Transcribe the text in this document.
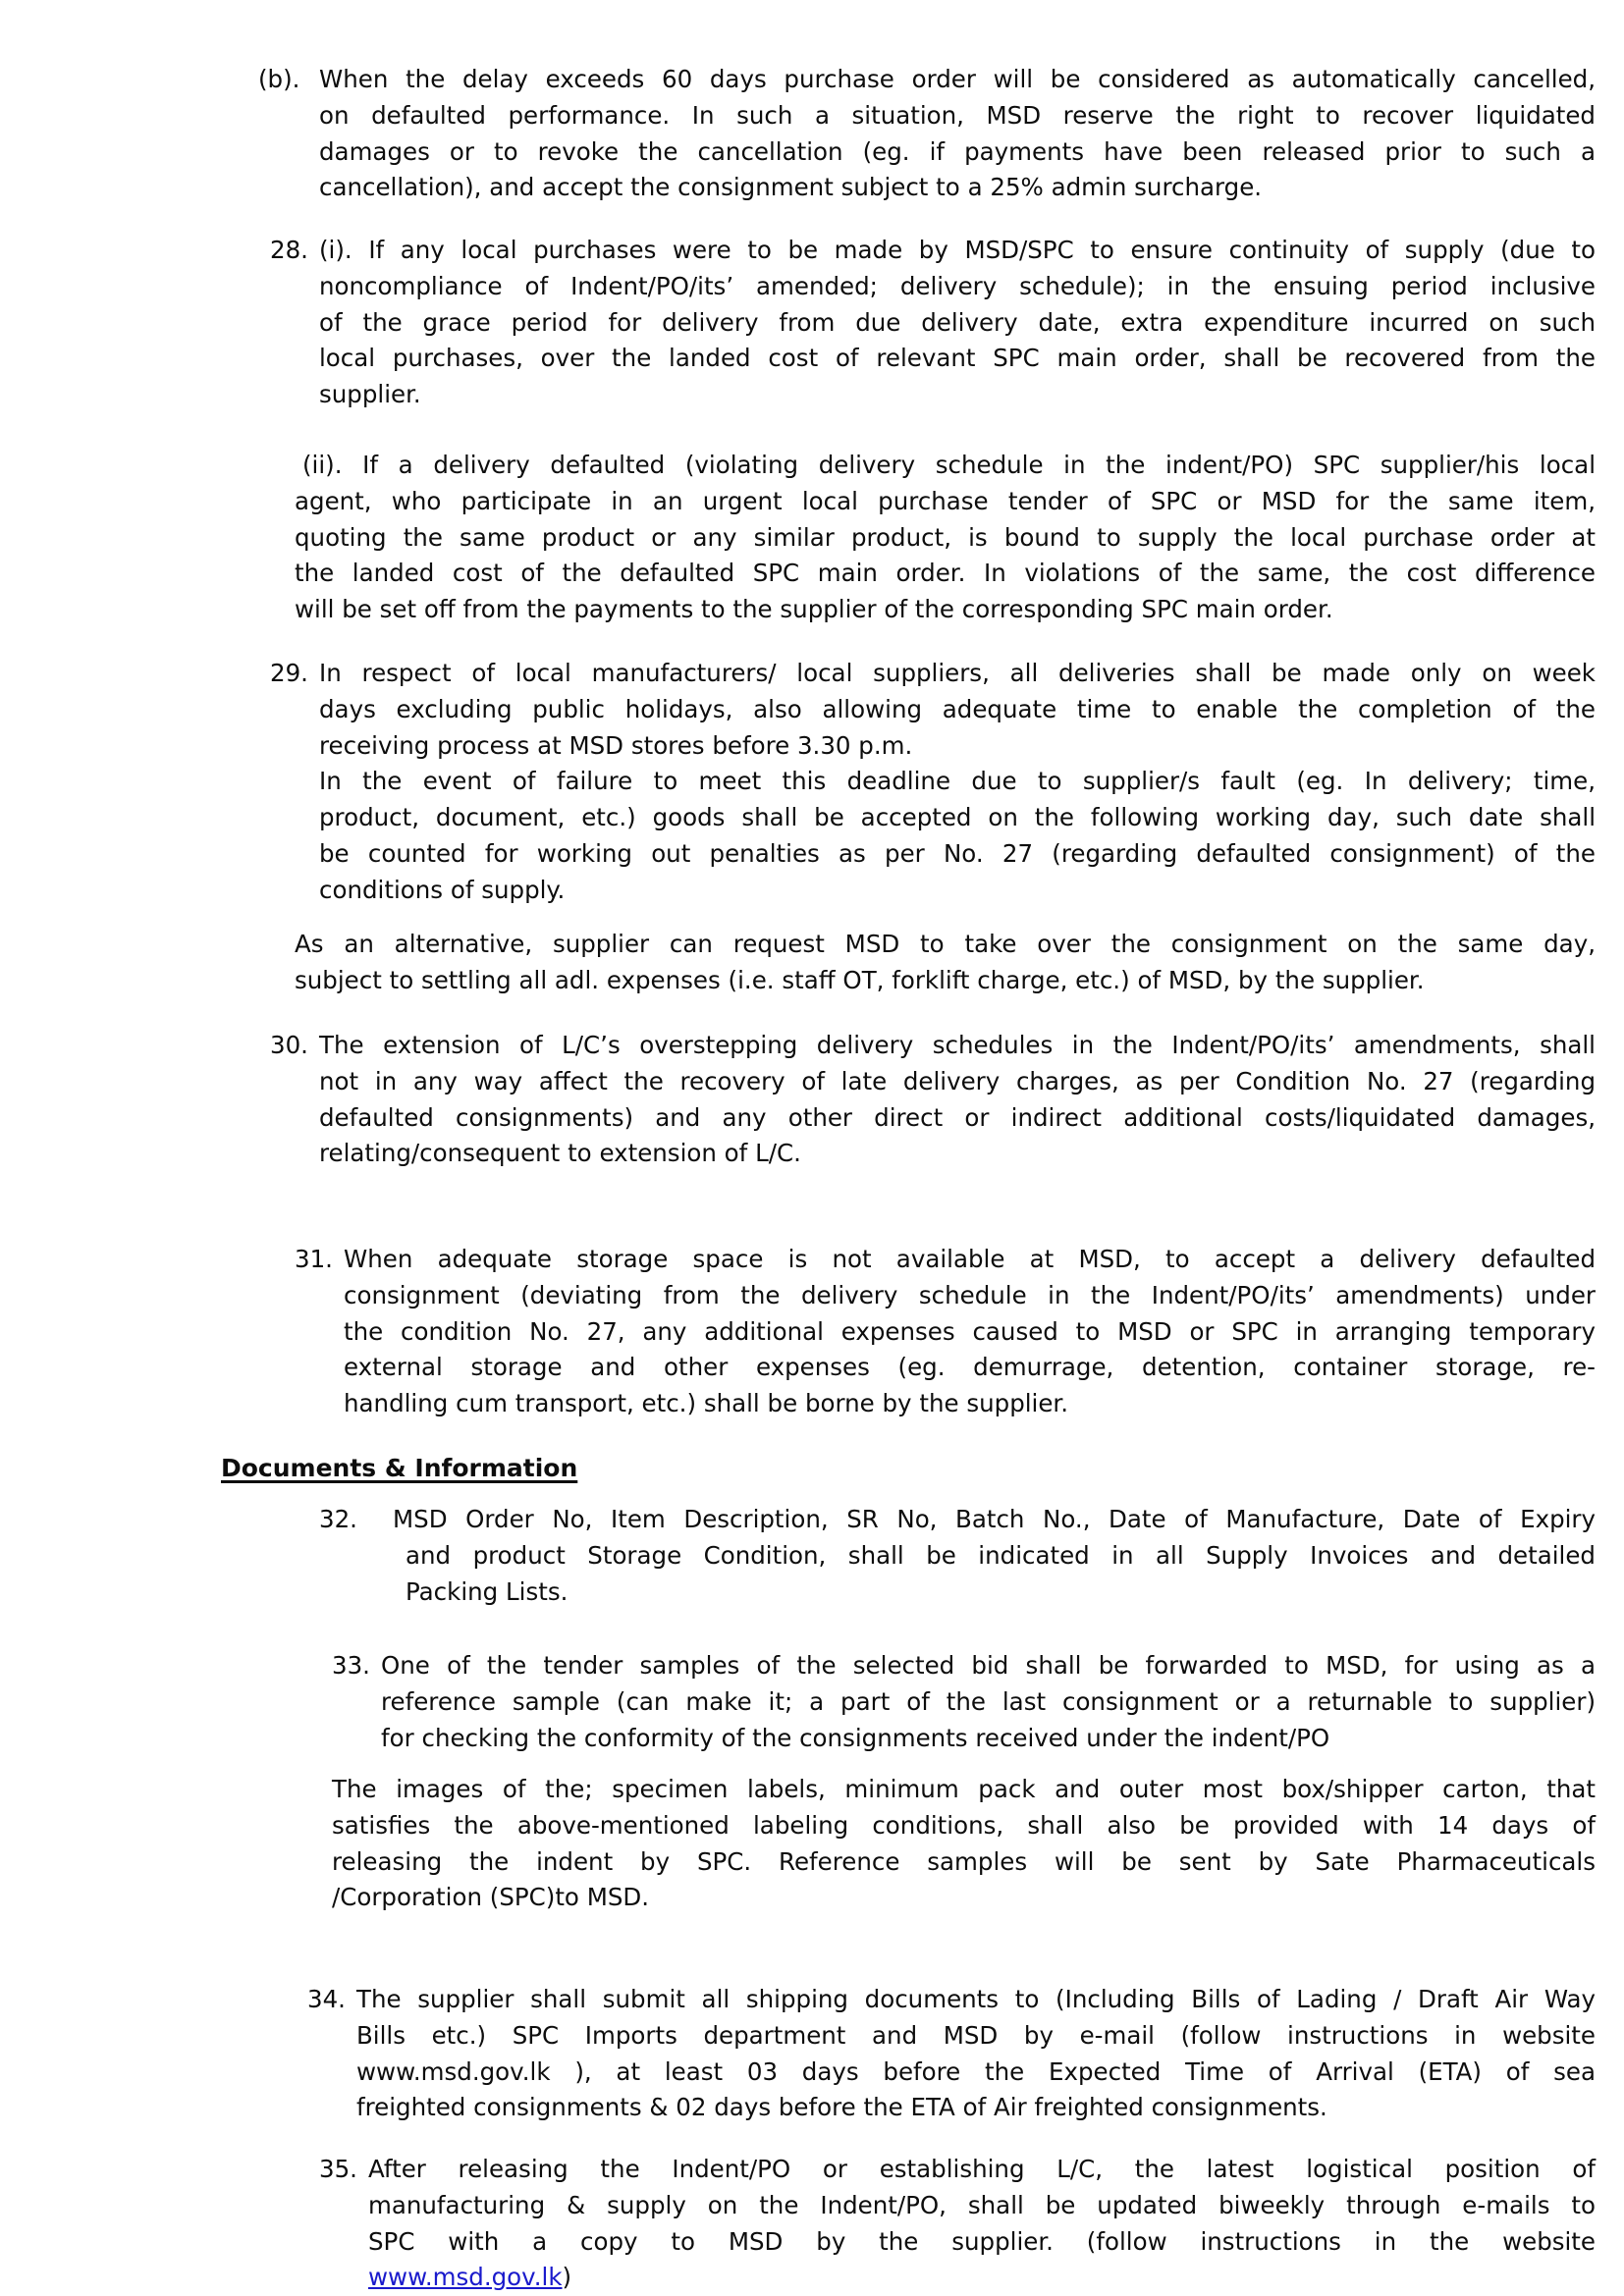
(b). When the delay exceeds 60 days purchase order will be considered as automatically cancelled,
on defaulted performance. In such a situation, MSD reserve the right to recover liquidated
damages or to revoke the cancellation (eg. if payments have been released prior to such a
cancellation), and accept the consignment subject to a 25% admin surcharge.
28. (i). If any local purchases were to be made by MSD/SPC to ensure continuity of supply (due to
noncompliance of Indent/PO/its’ amended; delivery schedule); in the ensuing period inclusive
of the grace period for delivery from due delivery date, extra expenditure incurred on such
local purchases, over the landed cost of relevant SPC main order, shall be recovered from the
supplier.
(ii). If a delivery defaulted (violating delivery schedule in the indent/PO) SPC supplier/his local
agent, who participate in an urgent local purchase tender of SPC or MSD for the same item,
quoting the same product or any similar product, is bound to supply the local purchase order at
the landed cost of the defaulted SPC main order. In violations of the same, the cost difference
will be set off from the payments to the supplier of the corresponding SPC main order.
29. In respect of local manufacturers/ local suppliers, all deliveries shall be made only on week
days excluding public holidays, also allowing adequate time to enable the completion of the
receiving process at MSD stores before 3.30 p.m.
In the event of failure to meet this deadline due to supplier/s fault (eg. In delivery; time,
product, document, etc.) goods shall be accepted on the following working day, such date shall
be counted for working out penalties as per No. 27 (regarding defaulted consignment) of the
conditions of supply.
As an alternative, supplier can request MSD to take over the consignment on the same day,
subject to settling all adl. expenses (i.e. staff OT, forklift charge, etc.) of MSD, by the supplier.
30. The extension of L/C’s overstepping delivery schedules in the Indent/PO/its’ amendments, shall
not in any way affect the recovery of late delivery charges, as per Condition No. 27 (regarding
defaulted consignments) and any other direct or indirect additional costs/liquidated damages,
relating/consequent to extension of L/C.
31. When adequate storage space is not available at MSD, to accept a delivery defaulted
consignment (deviating from the delivery schedule in the Indent/PO/its’ amendments) under
the condition No. 27, any additional expenses caused to MSD or SPC in arranging temporary
external storage and other expenses (eg. demurrage, detention, container storage, re-
handling cum transport, etc.) shall be borne by the supplier.
Documents & Information
32. MSD Order No, Item Description, SR No, Batch No., Date of Manufacture, Date of Expiry
and product Storage Condition, shall be indicated in all Supply Invoices and detailed
Packing Lists.
33. One of the tender samples of the selected bid shall be forwarded to MSD, for using as a
reference sample (can make it; a part of the last consignment or a returnable to supplier)
for checking the conformity of the consignments received under the indent/PO
The images of the; specimen labels, minimum pack and outer most box/shipper carton, that
satisfies the above-mentioned labeling conditions, shall also be provided with 14 days of
releasing the indent by SPC. Reference samples will be sent by Sate Pharmaceuticals
/Corporation (SPC)to MSD.
34. The supplier shall submit all shipping documents to (Including Bills of Lading / Draft Air Way
Bills etc.) SPC Imports department and MSD by e-mail (follow instructions in website
www.msd.gov.lk ), at least 03 days before the Expected Time of Arrival (ETA) of sea
freighted consignments & 02 days before the ETA of Air freighted consignments.
35. After releasing the Indent/PO or establishing L/C, the latest logistical position of
manufacturing & supply on the Indent/PO, shall be updated biweekly through e-mails to
SPC with a copy to MSD by the supplier. (follow instructions in the website
www.msd.gov.lk)
